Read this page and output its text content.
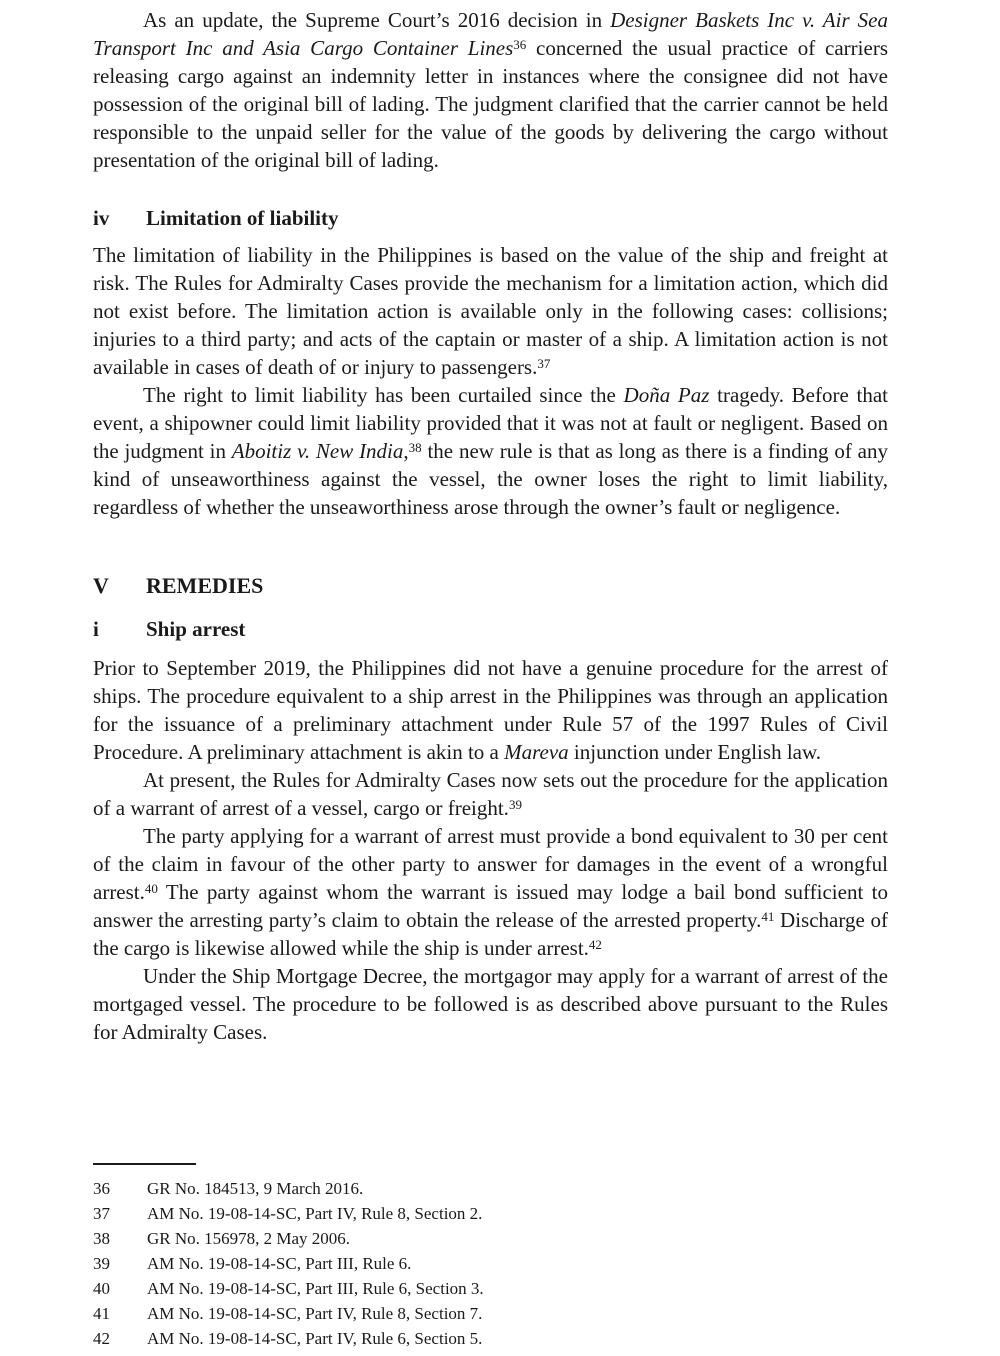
As an update, the Supreme Court’s 2016 decision in Designer Baskets Inc v. Air Sea Transport Inc and Asia Cargo Container Lines$^{36}$ concerned the usual practice of carriers releasing cargo against an indemnity letter in instances where the consignee did not have possession of the original bill of lading. The judgment clarified that the carrier cannot be held responsible to the unpaid seller for the value of the goods by delivering the cargo without presentation of the original bill of lading.

iv	Limitation of liability

The limitation of liability in the Philippines is based on the value of the ship and freight at risk. The Rules for Admiralty Cases provide the mechanism for a limitation action, which did not exist before. The limitation action is available only in the following cases: collisions; injuries to a third party; and acts of the captain or master of a ship. A limitation action is not available in cases of death of or injury to passengers.$^{37}$

The right to limit liability has been curtailed since the Doña Paz tragedy. Before that event, a shipowner could limit liability provided that it was not at fault or negligent. Based on the judgment in Aboitiz v. New India,$^{38}$ the new rule is that as long as there is a finding of any kind of unseaworthiness against the vessel, the owner loses the right to limit liability, regardless of whether the unseaworthiness arose through the owner’s fault or negligence.

V	REMEDIES
i	Ship arrest

Prior to September 2019, the Philippines did not have a genuine procedure for the arrest of ships. The procedure equivalent to a ship arrest in the Philippines was through an application for the issuance of a preliminary attachment under Rule 57 of the 1997 Rules of Civil Procedure. A preliminary attachment is akin to a Mareva injunction under English law.

At present, the Rules for Admiralty Cases now sets out the procedure for the application of a warrant of arrest of a vessel, cargo or freight.$^{39}$

The party applying for a warrant of arrest must provide a bond equivalent to 30 per cent of the claim in favour of the other party to answer for damages in the event of a wrongful arrest.$^{40}$ The party against whom the warrant is issued may lodge a bail bond sufficient to answer the arresting party’s claim to obtain the release of the arrested property.$^{41}$ Discharge of the cargo is likewise allowed while the ship is under arrest.$^{42}$

Under the Ship Mortgage Decree, the mortgagor may apply for a warrant of arrest of the mortgaged vessel. The procedure to be followed is as described above pursuant to the Rules for Admiralty Cases.

36	GR No. 184513, 9 March 2016.
37	AM No. 19-08-14-SC, Part IV, Rule 8, Section 2.
38	GR No. 156978, 2 May 2006.
39	AM No. 19-08-14-SC, Part III, Rule 6.
40	AM No. 19-08-14-SC, Part III, Rule 6, Section 3.
41	AM No. 19-08-14-SC, Part IV, Rule 8, Section 7.
42	AM No. 19-08-14-SC, Part IV, Rule 6, Section 5.
